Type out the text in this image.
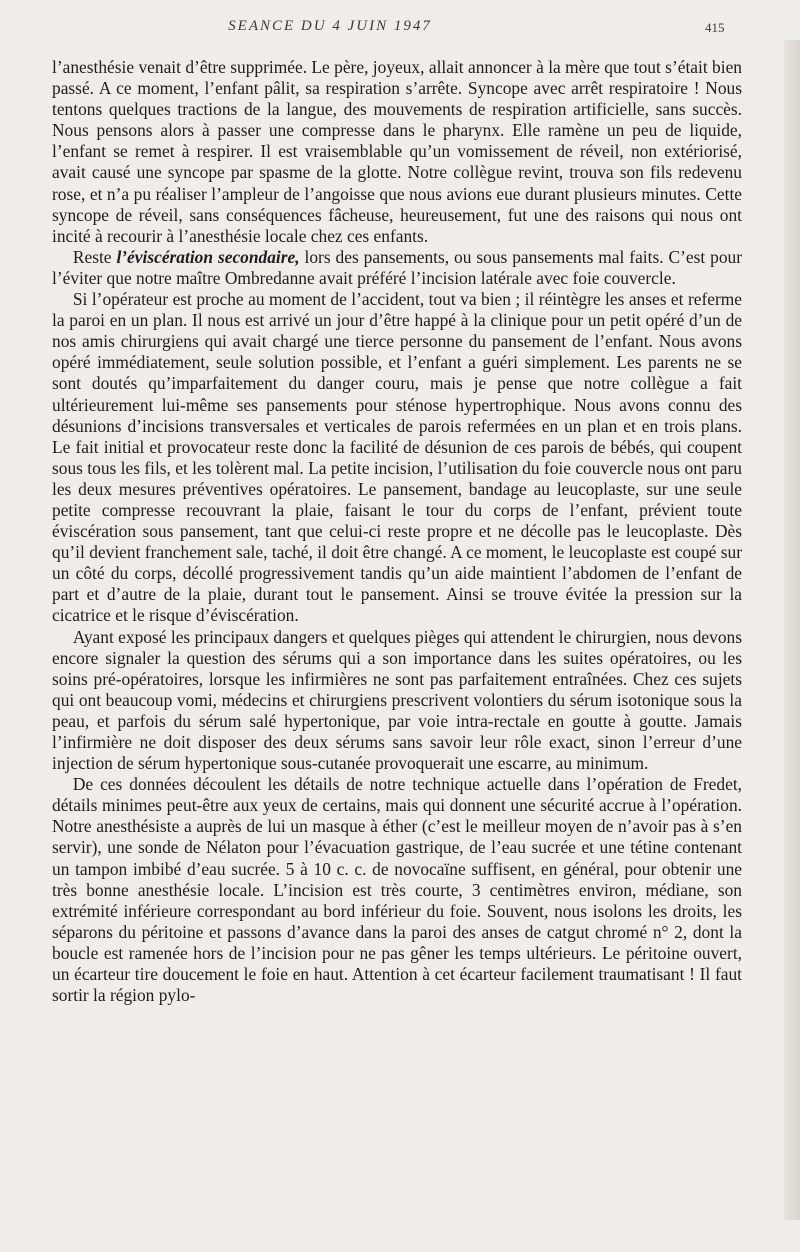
SEANCE DU 4 JUIN 1947	415

l’anesthésie venait d’être supprimée. Le père, joyeux, allait annoncer à la mère que tout s’était bien passé. A ce moment, l’enfant pâlit, sa respiration s’arrête. Syncope avec arrêt respiratoire ! Nous tentons quelques tractions de la langue, des mouvements de respiration artificielle, sans succès. Nous pensons alors à passer une compresse dans le pharynx. Elle ramène un peu de liquide, l’enfant se remet à respirer. Il est vraisemblable qu’un vomissement de réveil, non extériorisé, avait causé une syncope par spasme de la glotte. Notre collègue revint, trouva son fils redevenu rose, et n’a pu réaliser l’ampleur de l’angoisse que nous avions eue durant plusieurs minutes. Cette syncope de réveil, sans conséquences fâcheuse, heureusement, fut une des raisons qui nous ont incité à recourir à l’anesthésie locale chez ces enfants.

Reste l’éviscération secondaire, lors des pansements, ou sous pansements mal faits. C’est pour l’éviter que notre maître Ombredanne avait préféré l’incision latérale avec foie couvercle.

Si l’opérateur est proche au moment de l’accident, tout va bien ; il réintègre les anses et referme la paroi en un plan. Il nous est arrivé un jour d’être happé à la clinique pour un petit opéré d’un de nos amis chirurgiens qui avait chargé une tierce personne du pansement de l’enfant. Nous avons opéré immédiatement, seule solution possible, et l’enfant a guéri simplement. Les parents ne se sont doutés qu’imparfaitement du danger couru, mais je pense que notre collègue a fait ultérieurement lui-même ses pansements pour sténose hypertrophique. Nous avons connu des désunions d’incisions transversales et verticales de parois refermées en un plan et en trois plans. Le fait initial et provocateur reste donc la facilité de désunion de ces parois de bébés, qui coupent sous tous les fils, et les tolèrent mal. La petite incision, l’utilisation du foie couvercle nous ont paru les deux mesures préventives opératoires. Le pansement, bandage au leucoplaste, sur une seule petite compresse recouvrant la plaie, faisant le tour du corps de l’enfant, prévient toute éviscération sous pansement, tant que celui-ci reste propre et ne décolle pas le leucoplaste. Dès qu’il devient franchement sale, taché, il doit être changé. A ce moment, le leucoplaste est coupé sur un côté du corps, décollé progressivement tandis qu’un aide maintient l’abdomen de l’enfant de part et d’autre de la plaie, durant tout le pansement. Ainsi se trouve évitée la pression sur la cicatrice et le risque d’éviscération.

Ayant exposé les principaux dangers et quelques pièges qui attendent le chirurgien, nous devons encore signaler la question des sérums qui a son importance dans les suites opératoires, ou les soins pré-opératoires, lorsque les infirmières ne sont pas parfaitement entraînées. Chez ces sujets qui ont beaucoup vomi, médecins et chirurgiens prescrivent volontiers du sérum isotonique sous la peau, et parfois du sérum salé hypertonique, par voie intra-rectale en goutte à goutte. Jamais l’infirmière ne doit disposer des deux sérums sans savoir leur rôle exact, sinon l’erreur d’une injection de sérum hypertonique sous-cutanée provoquerait une escarre, au minimum.

De ces données découlent les détails de notre technique actuelle dans l’opération de Fredet, détails minimes peut-être aux yeux de certains, mais qui donnent une sécurité accrue à l’opération. Notre anesthésiste a auprès de lui un masque à éther (c’est le meilleur moyen de n’avoir pas à s’en servir), une sonde de Nélaton pour l’évacuation gastrique, de l’eau sucrée et une tétine contenant un tampon imbibé d’eau sucrée. 5 à 10 c. c. de novocaïne suffisent, en général, pour obtenir une très bonne anesthésie locale. L’incision est très courte, 3 centimètres environ, médiane, son extrémité inférieure correspondant au bord inférieur du foie. Souvent, nous isolons les droits, les séparons du péritoine et passons d’avance dans la paroi des anses de catgut chromé n° 2, dont la boucle est ramenée hors de l’incision pour ne pas gêner les temps ultérieurs. Le péritoine ouvert, un écarteur tire doucement le foie en haut. Attention à cet écarteur facilement traumatisant ! Il faut sortir la région pylo-
